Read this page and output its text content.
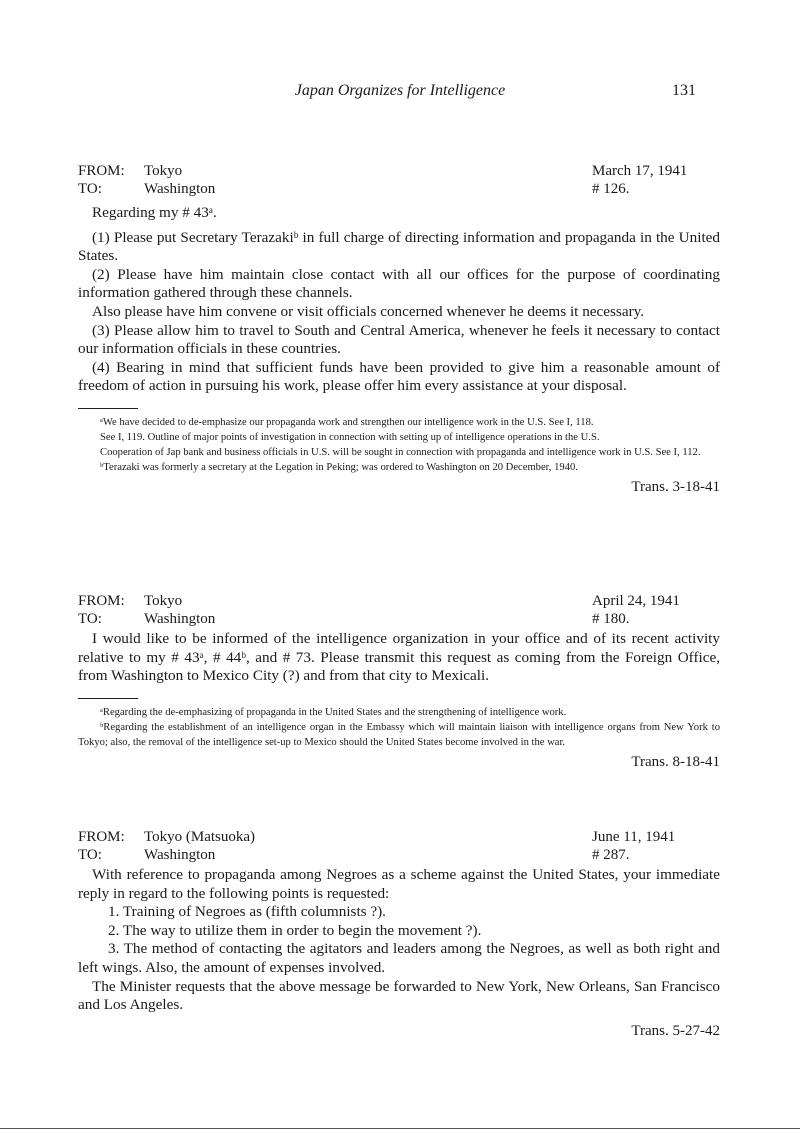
Japan Organizes for Intelligence	131
FROM: Tokyo	March 17, 1941
TO:	Washington	# 126.

Regarding my # 43ᵃ.

(1) Please put Secretary Terazakiᵇ in full charge of directing information and propaganda in the United States.

(2) Please have him maintain close contact with all our offices for the purpose of coordinating information gathered through these channels.

Also please have him convene or visit officials concerned whenever he deems it necessary.

(3) Please allow him to travel to South and Central America, whenever he feels it necessary to contact our information officials in these countries.

(4) Bearing in mind that sufficient funds have been provided to give him a reasonable amount of freedom of action in pursuing his work, please offer him every assistance at your disposal.

ᵃWe have decided to de-emphasize our propaganda work and strengthen our intelligence work in the U.S. See I, 118.

See I, 119. Outline of major points of investigation in connection with setting up of intelligence operations in the U.S.

Cooperation of Jap bank and business officials in U.S. will be sought in connection with propaganda and intelligence work in U.S. See I, 112.

ᵇTerazaki was formerly a secretary at the Legation in Peking; was ordered to Washington on 20 December, 1940.

Trans. 3-18-41
FROM: Tokyo	April 24, 1941
TO:	Washington	# 180.

I would like to be informed of the intelligence organization in your office and of its recent activity relative to my # 43ᵃ, # 44ᵇ, and # 73. Please transmit this request as coming from the Foreign Office, from Washington to Mexico City (?) and from that city to Mexicali.

ᵃRegarding the de-emphasizing of propaganda in the United States and the strengthening of intelligence work.

ᵇRegarding the establishment of an intelligence organ in the Embassy which will maintain liaison with intelligence organs from New York to Tokyo; also, the removal of the intelligence set-up to Mexico should the United States become involved in the war.

Trans. 8-18-41
FROM: Tokyo (Matsuoka)	June 11, 1941
TO:	Washington	# 287.

With reference to propaganda among Negroes as a scheme against the United States, your immediate reply in regard to the following points is requested:

1. Training of Negroes as (fifth columnists ?).

2. The way to utilize them in order to begin the movement ?).

3. The method of contacting the agitators and leaders among the Negroes, as well as both right and left wings. Also, the amount of expenses involved.

The Minister requests that the above message be forwarded to New York, New Orleans, San Francisco and Los Angeles.

Trans. 5-27-42
